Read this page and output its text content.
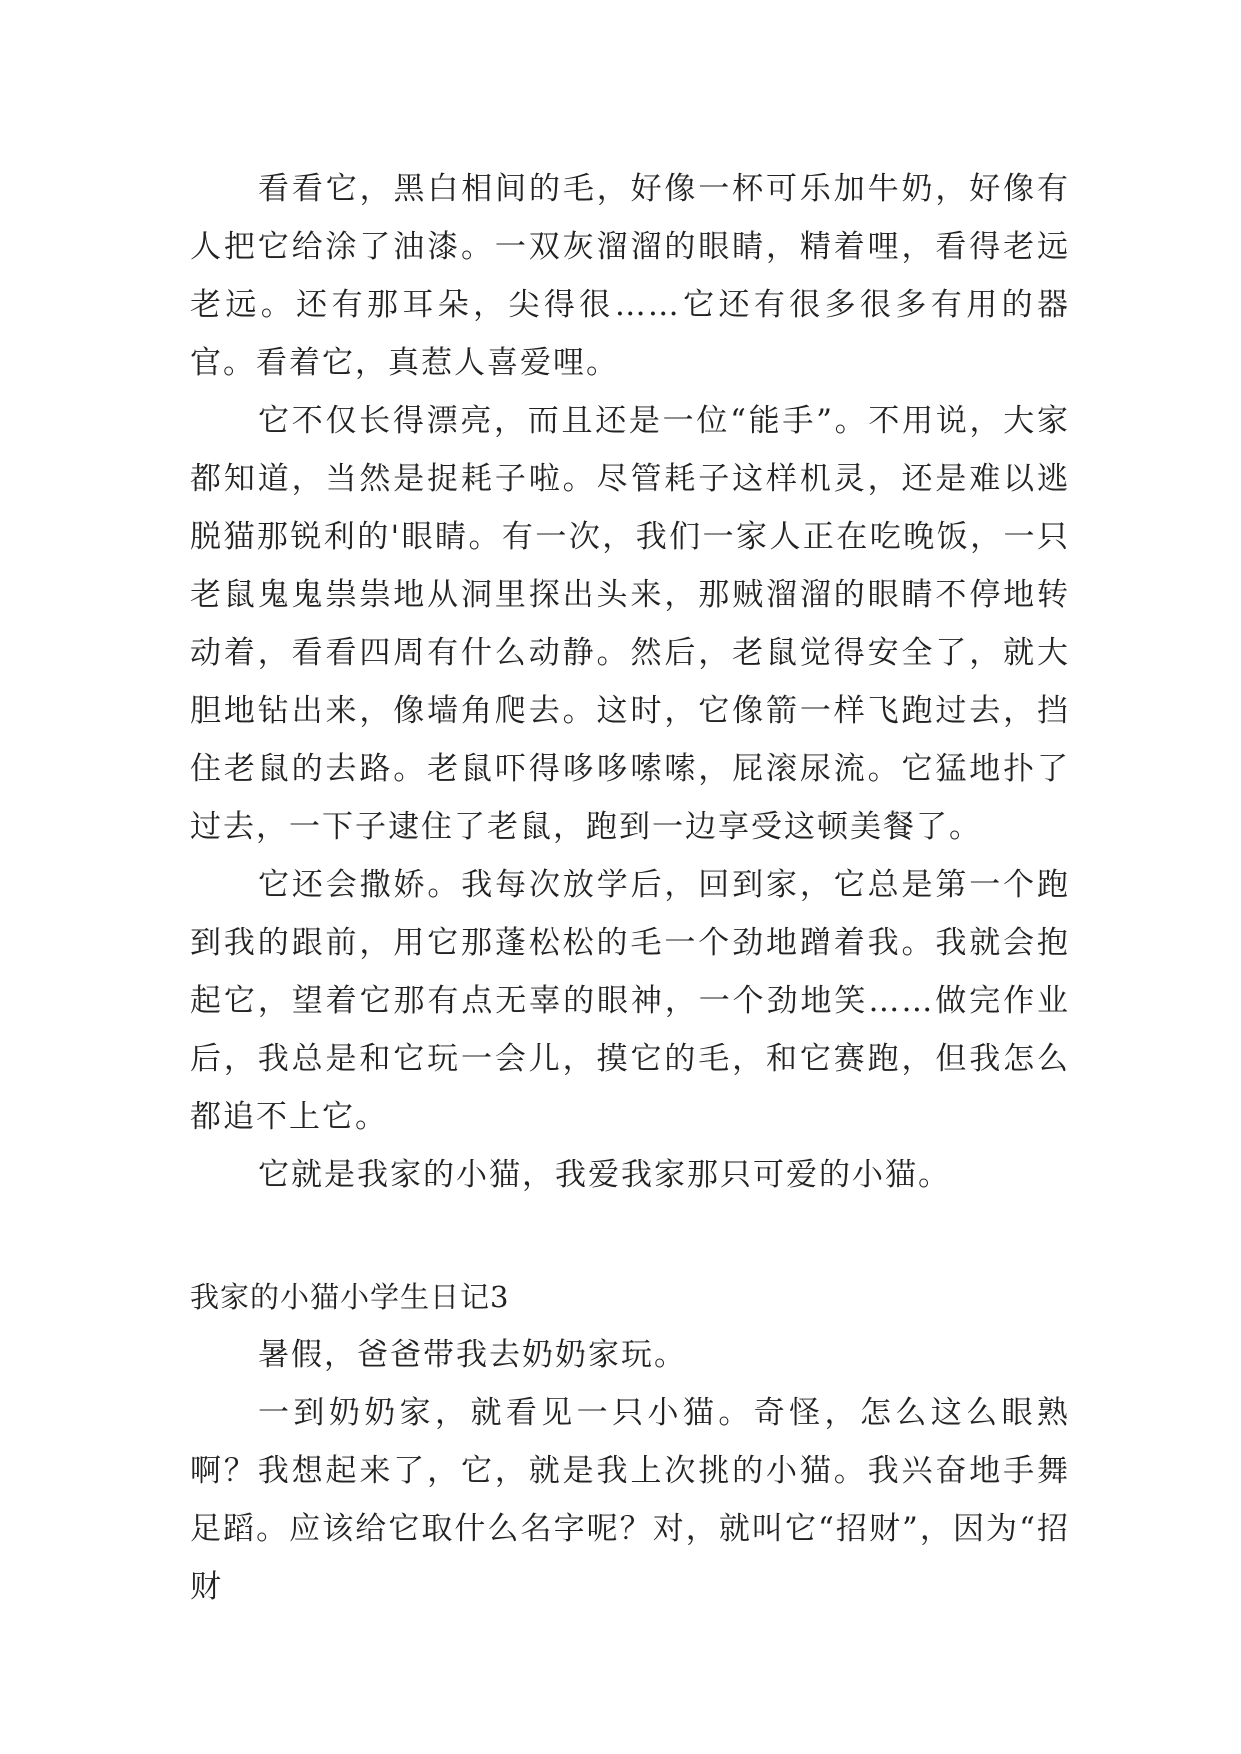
看看它，黑白相间的毛，好像一杯可乐加牛奶，好像有人把它给涂了油漆。一双灰溜溜的眼睛，精着哩，看得老远老远。还有那耳朵，尖得很……它还有很多很多有用的器官。看着它，真惹人喜爱哩。

它不仅长得漂亮，而且还是一位“能手”。不用说，大家都知道，当然是捉耗子啦。尽管耗子这样机灵，还是难以逃脱猫那锐利的'眼睛。有一次，我们一家人正在吃晚饭，一只老鼠鬼鬼祟祟地从洞里探出头来，那贼溜溜的眼睛不停地转动着，看看四周有什么动静。然后，老鼠觉得安全了，就大胆地钻出来，像墙角爬去。这时，它像箭一样飞跑过去，挡住老鼠的去路。老鼠吓得哆哆嗦嗦，屁滚尿流。它猛地扑了过去，一下子逮住了老鼠，跑到一边享受这顿美餐了。

它还会撒娇。我每次放学后，回到家，它总是第一个跑到我的跟前，用它那蓬松松的毛一个劲地蹭着我。我就会抱起它，望着它那有点无辜的眼神，一个劲地笑……做完作业后，我总是和它玩一会儿，摸它的毛，和它赛跑，但我怎么都追不上它。

它就是我家的小猫，我爱我家那只可爱的小猫。

我家的小猫小学生日记3

暑假，爸爸带我去奶奶家玩。

一到奶奶家，就看见一只小猫。奇怪，怎么这么眼熟啊？我想起来了，它，就是我上次挑的小猫。我兴奋地手舞足蹈。应该给它取什么名字呢？对，就叫它“招财”，因为“招财
